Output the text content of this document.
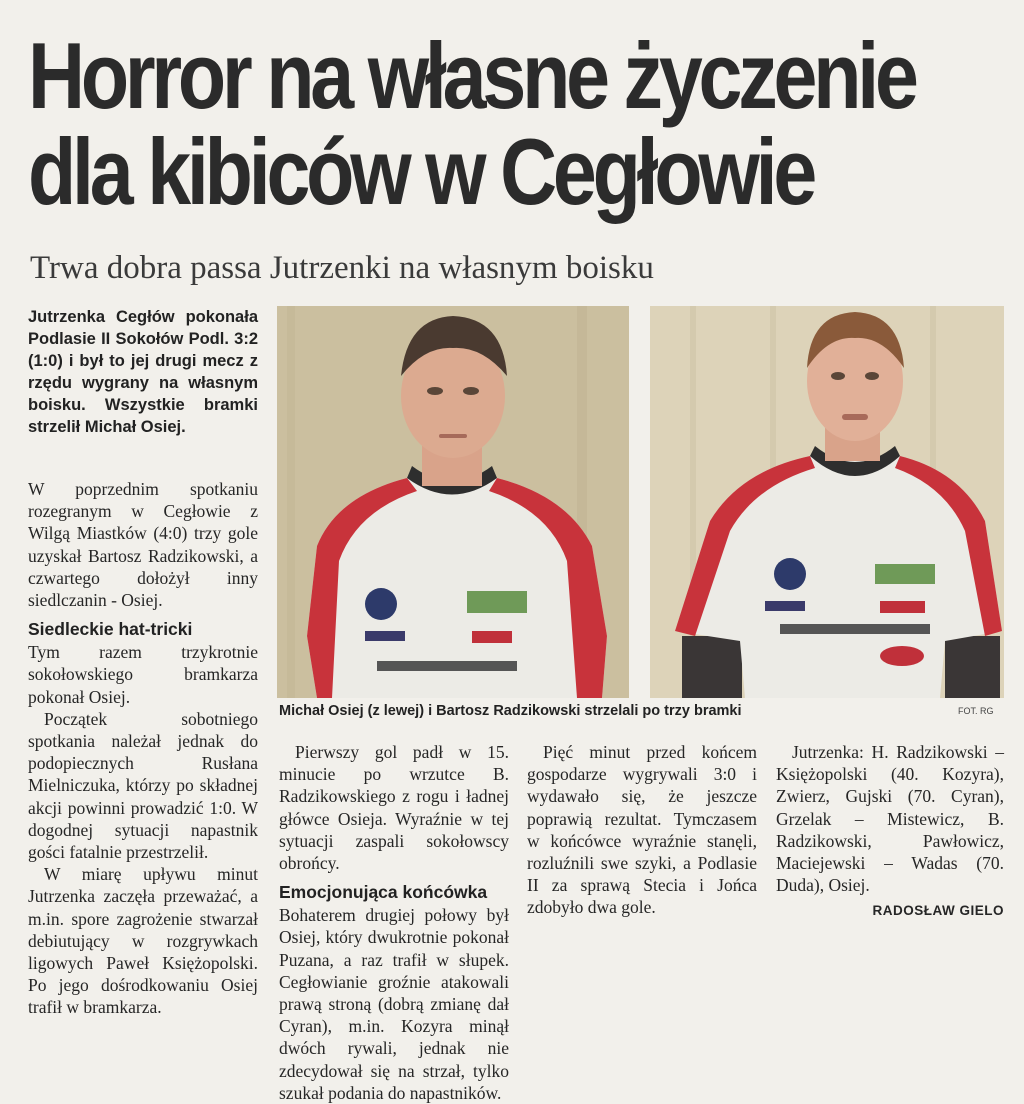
Horror na własne życzenie
dla kibiców w Cegłowie
Trwa dobra passa Jutrzenki na własnym boisku
Jutrzenka Cegłów pokonała Podlasie II Sokołów Podl. 3:2 (1:0) i był to jej drugi mecz z rzędu wygrany na własnym boisku. Wszystkie bramki strzelił Michał Osiej.

W poprzednim spotkaniu rozegranym w Cegłowie z Wilgą Miastków (4:0) trzy gole uzyskał Bartosz Radzikowski, a czwartego dołożył inny siedlczanin - Osiej.

Siedleckie hat-tricki

Tym razem trzykrotnie sokołowskiego bramkarza pokonał Osiej.

Początek sobotniego spotkania należał jednak do podopiecznych Rusłana Mielniczuka, którzy po składnej akcji powinni prowadzić 1:0. W dogodnej sytuacji napastnik gości fatalnie przestrzelił.

W miarę upływu minut Jutrzenka zaczęła przeważać, a m.in. spore zagrożenie stwarzał debiutujący w rozgrywkach ligowych Paweł Księżopolski. Po jego dośrodkowaniu Osiej trafił w bramkarza.

Michał Osiej (z lewej) i Bartosz Radzikowski strzelali po trzy bramki	FOT. RG

Pierwszy gol padł w 15. minucie po wrzutce B. Radzikowskiego z rogu i ładnej główce Osieja. Wyraźnie w tej sytuacji zaspali sokołowscy obrońcy.

Emocjonująca końcówka

Bohaterem drugiej połowy był Osiej, który dwukrotnie pokonał Puzana, a raz trafił w słupek. Cegłowianie groźnie atakowali prawą stroną (dobrą zmianę dał Cyran), m.in. Kozyra minął dwóch rywali, jednak nie zdecydował się na strzał, tylko szukał podania do napastników.

Pięć minut przed końcem gospodarze wygrywali 3:0 i wydawało się, że jeszcze poprawią rezultat. Tymczasem w końcówce wyraźnie stanęli, rozluźnili swe szyki, a Podlasie II za sprawą Stecia i Jońca zdobyło dwa gole.

Jutrzenka: H. Radzikowski – Księżopolski (40. Kozyra), Zwierz, Gujski (70. Cyran), Grzelak – Mistewicz, B. Radzikowski, Pawłowicz, Maciejewski – Wadas (70. Duda), Osiej.

RADOSŁAW GIELO
